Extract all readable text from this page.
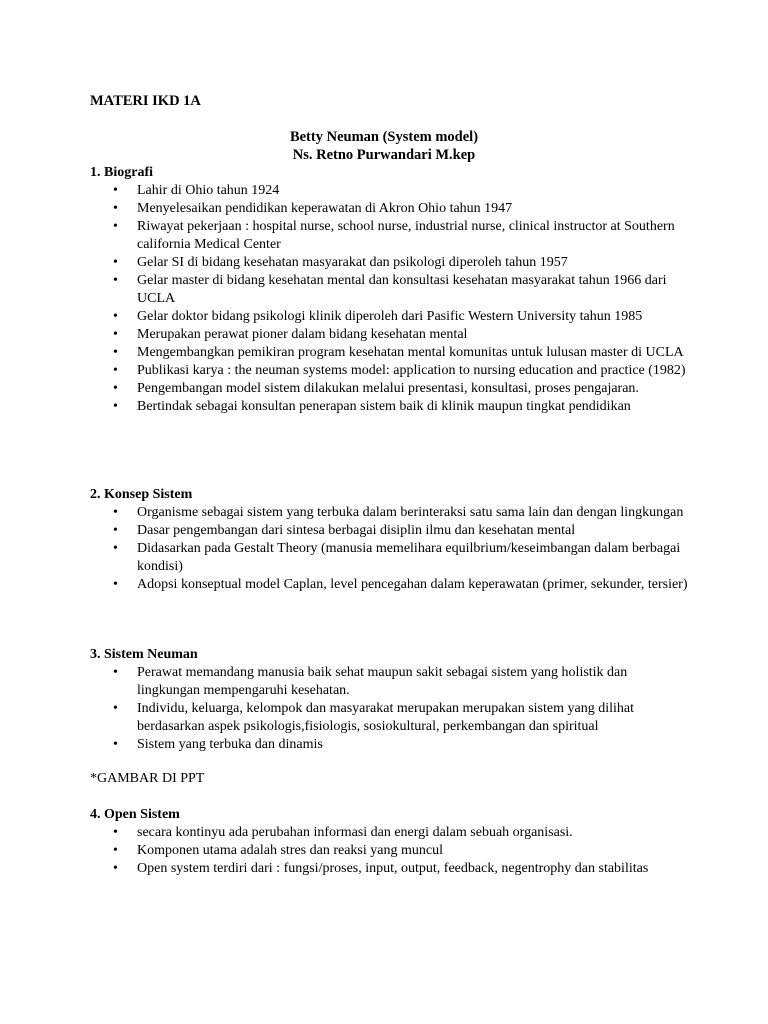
MATERI IKD 1A
Betty Neuman (System model)
Ns. Retno Purwandari M.kep
1. Biografi
• Lahir di Ohio tahun 1924
• Menyelesaikan pendidikan keperawatan di Akron Ohio tahun 1947
• Riwayat pekerjaan : hospital nurse, school nurse, industrial nurse, clinical instructor at Southern california Medical Center
• Gelar SI di bidang kesehatan masyarakat dan psikologi diperoleh tahun 1957
• Gelar master di bidang kesehatan mental dan konsultasi kesehatan masyarakat tahun 1966 dari UCLA
• Gelar doktor bidang psikologi klinik diperoleh dari Pasific Western University tahun 1985
• Merupakan perawat pioner dalam bidang kesehatan mental
• Mengembangkan pemikiran program kesehatan mental komunitas untuk lulusan master di UCLA
• Publikasi karya : the neuman systems model: application to nursing education and practice (1982)
• Pengembangan model sistem dilakukan melalui presentasi, konsultasi, proses pengajaran.
• Bertindak sebagai konsultan penerapan sistem baik di klinik maupun tingkat pendidikan
2. Konsep Sistem
• Organisme sebagai sistem yang terbuka dalam berinteraksi satu sama lain dan dengan lingkungan
• Dasar pengembangan dari sintesa berbagai disiplin ilmu dan kesehatan mental
• Didasarkan pada Gestalt Theory (manusia memelihara equilbrium/keseimbangan dalam berbagai kondisi)
• Adopsi konseptual model Caplan, level pencegahan dalam keperawatan (primer, sekunder, tersier)
3. Sistem Neuman
• Perawat memandang manusia baik sehat maupun sakit sebagai sistem yang holistik dan lingkungan mempengaruhi kesehatan.
• Individu, keluarga, kelompok dan masyarakat merupakan merupakan sistem yang dilihat berdasarkan aspek psikologis,fisiologis, sosiokultural, perkembangan dan spiritual
• Sistem yang terbuka dan dinamis
*GAMBAR DI PPT
4. Open Sistem
• secara kontinyu ada perubahan informasi dan energi dalam sebuah organisasi.
• Komponen utama adalah stres dan reaksi yang muncul
• Open system terdiri dari : fungsi/proses, input, output, feedback, negentrophy dan stabilitas
